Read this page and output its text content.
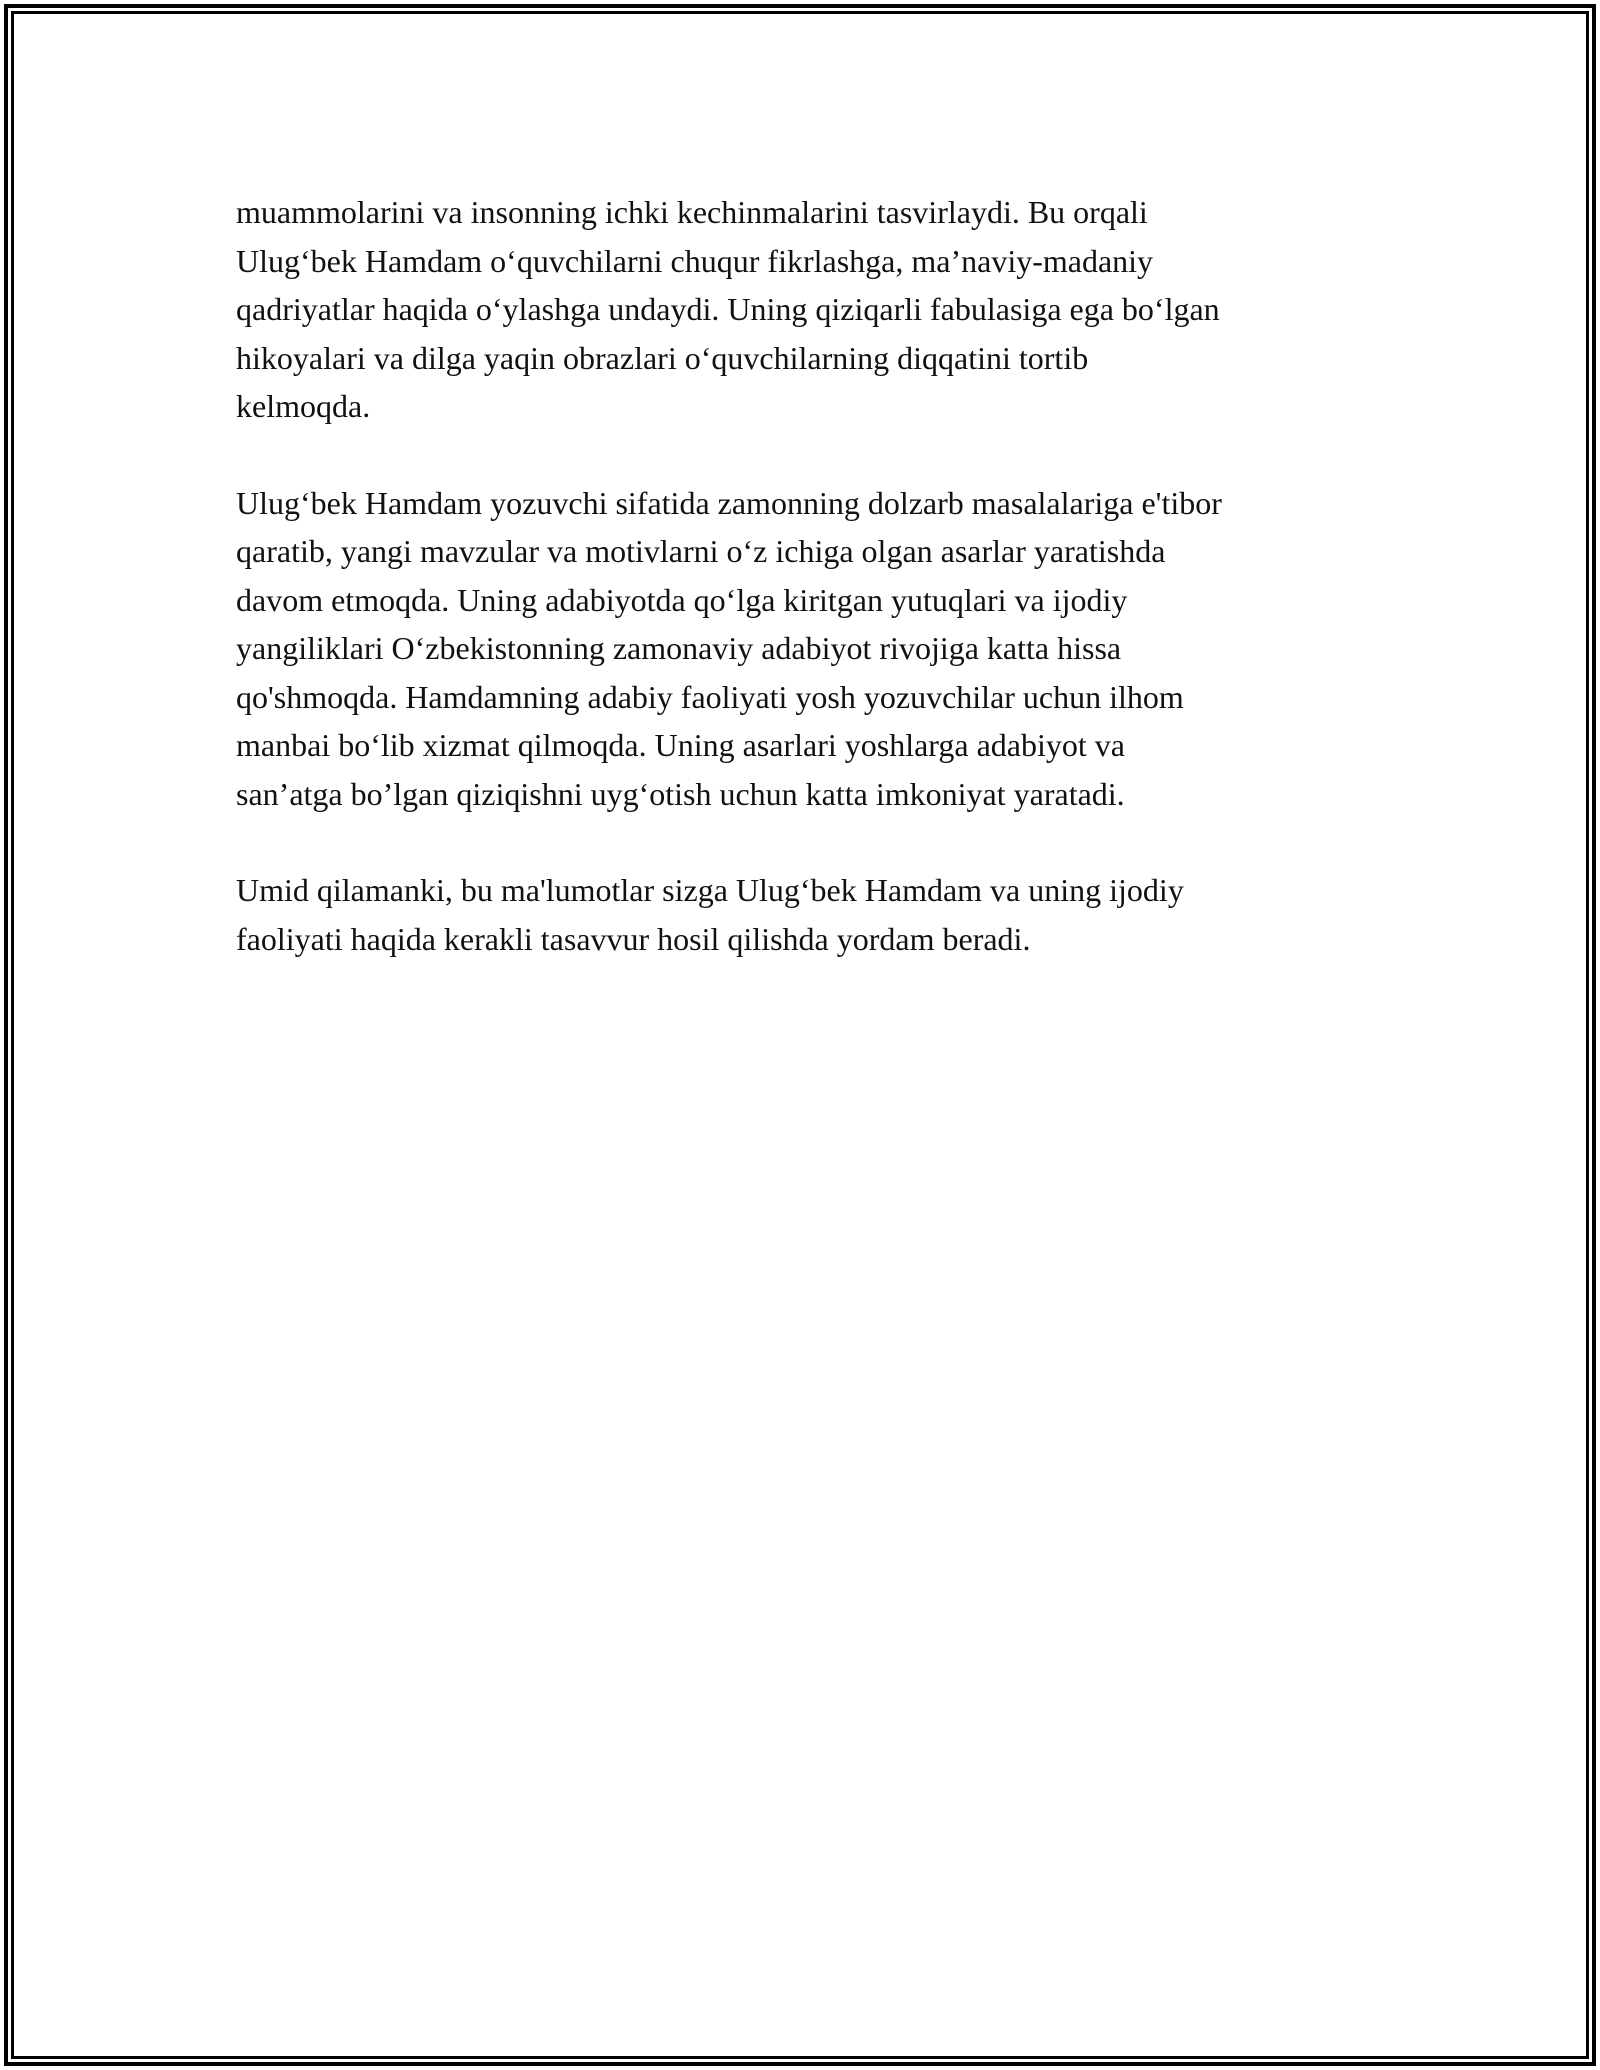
muammolarini va insonning ichki kechinmalarini tasvirlaydi. Bu orqali
Ulug‘bek Hamdam o‘quvchilarni chuqur fikrlashga, ma’naviy-madaniy
qadriyatlar haqida o‘ylashga undaydi. Uning qiziqarli fabulasiga ega bo‘lgan
hikoyalari va dilga yaqin obrazlari o‘quvchilarning diqqatini tortib
kelmoqda.

Ulug‘bek Hamdam yozuvchi sifatida zamonning dolzarb masalalariga e'tibor
qaratib, yangi mavzular va motivlarni o‘z ichiga olgan asarlar yaratishda
davom etmoqda. Uning adabiyotda qo‘lga kiritgan yutuqlari va ijodiy
yangiliklari O‘zbekistonning zamonaviy adabiyot rivojiga katta hissa
qo'shmoqda. Hamdamning adabiy faoliyati yosh yozuvchilar uchun ilhom
manbai bo‘lib xizmat qilmoqda. Uning asarlari yoshlarga adabiyot va
san’atga bo’lgan qiziqishni uyg‘otish uchun katta imkoniyat yaratadi.

Umid qilamanki, bu ma'lumotlar sizga Ulug‘bek Hamdam va uning ijodiy
faoliyati haqida kerakli tasavvur hosil qilishda yordam beradi.
